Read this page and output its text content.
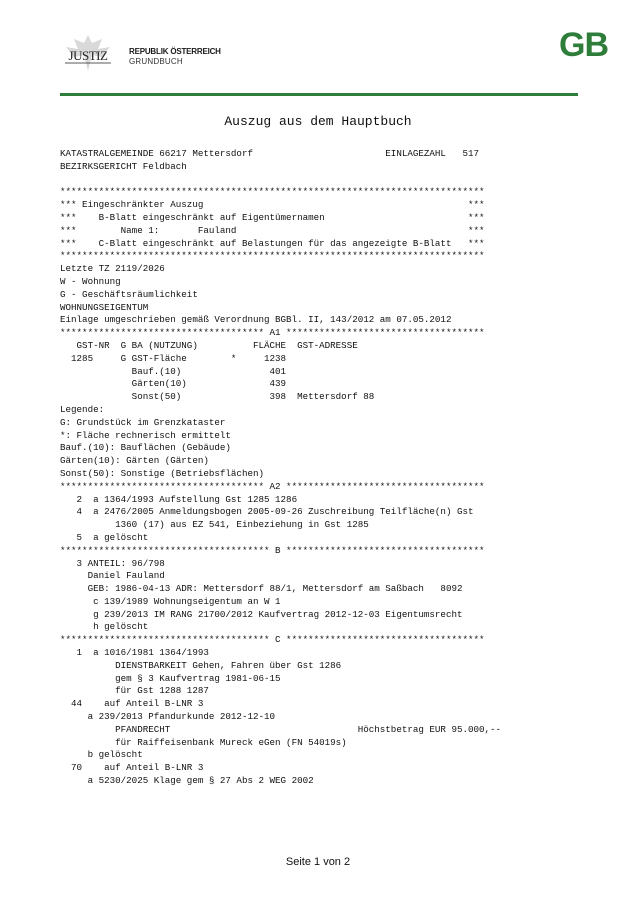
JUSTIZ	REPUBLIK ÖSTERREICH
GRUNDBUCH	GB
Auszug aus dem Hauptbuch
KATASTRALGEMEINDE 66217 Mettersdorf                        EINLAGEZAHL   517
BEZIRKSGERICHT Feldbach
*****************************************************************************
*** Eingeschränkter Auszug                                                ***
***    B-Blatt eingeschränkt auf Eigentümernamen                          ***
***        Name 1:       Fauland                                          ***
***    C-Blatt eingeschränkt auf Belastungen für das angezeigte B-Blatt   ***
*****************************************************************************
Letzte TZ 2119/2026
W - Wohnung
G - Geschäftsräumlichkeit
WOHNUNGSEIGENTUM
Einlage umgeschrieben gemäß Verordnung BGBl. II, 143/2012 am 07.05.2012
************************************* A1 ************************************
GST-NR  G BA (NUTZUNG)          FLÄCHE  GST-ADRESSE
1285     G GST-Fläche        *     1238
Bauf.(10)                401
Gärten(10)               439
Sonst(50)                398  Mettersdorf 88
Legende:
G: Grundstück im Grenzkataster
*: Fläche rechnerisch ermittelt
Bauf.(10): Bauflächen (Gebäude)
Gärten(10): Gärten (Gärten)
Sonst(50): Sonstige (Betriebsflächen)
************************************* A2 ************************************
2  a 1364/1993 Aufstellung Gst 1285 1286
4  a 2476/2005 Anmeldungsbogen 2005-09-26 Zuschreibung Teilfläche(n) Gst
1360 (17) aus EZ 541, Einbeziehung in Gst 1285
5  a gelöscht
************************************** B ************************************
3 ANTEIL: 96/798
Daniel Fauland
GEB: 1986-04-13 ADR: Mettersdorf 88/1, Mettersdorf am Saßbach   8092
c 139/1989 Wohnungseigentum an W 1
g 239/2013 IM RANG 21700/2012 Kaufvertrag 2012-12-03 Eigentumsrecht
h gelöscht
************************************** C ************************************
1  a 1016/1981 1364/1993
DIENSTBARKEIT Gehen, Fahren über Gst 1286
gem § 3 Kaufvertrag 1981-06-15
für Gst 1288 1287
44    auf Anteil B-LNR 3
a 239/2013 Pfandurkunde 2012-12-10
PFANDRECHT                                  Höchstbetrag EUR 95.000,--
für Raiffeisenbank Mureck eGen (FN 54019s)
b gelöscht
70    auf Anteil B-LNR 3
a 5230/2025 Klage gem § 27 Abs 2 WEG 2002
Seite 1 von 2
